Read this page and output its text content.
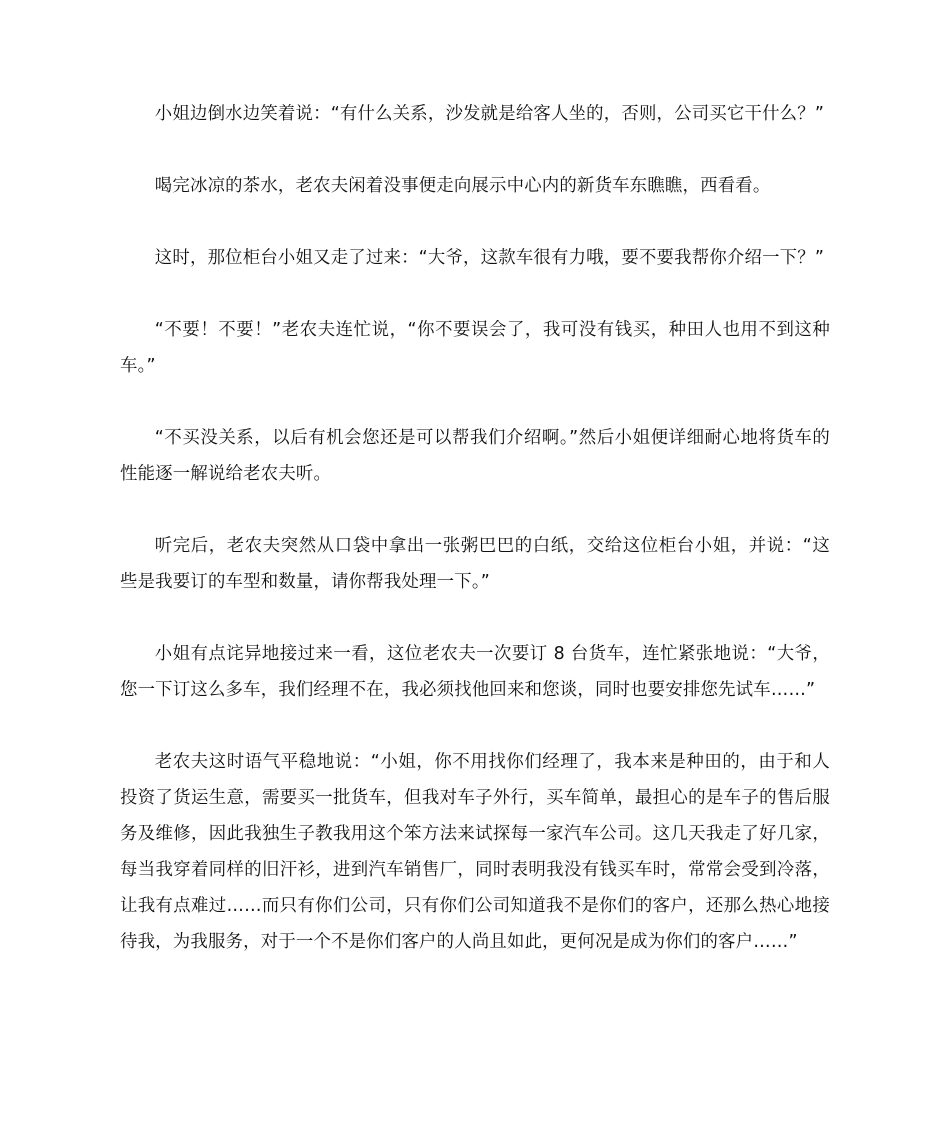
小姐边倒水边笑着说：“有什么关系，沙发就是给客人坐的，否则，公司买它干什么？”

喝完冰凉的茶水，老农夫闲着没事便走向展示中心内的新货车东瞧瞧，西看看。

这时，那位柜台小姐又走了过来：“大爷，这款车很有力哦，要不要我帮你介绍一下？”

“不要！不要！”老农夫连忙说，“你不要误会了，我可没有钱买，种田人也用不到这种车。”

“不买没关系，以后有机会您还是可以帮我们介绍啊。”然后小姐便详细耐心地将货车的性能逐一解说给老农夫听。

听完后，老农夫突然从口袋中拿出一张粥巴巴的白纸，交给这位柜台小姐，并说：“这些是我要订的车型和数量，请你帮我处理一下。”

小姐有点诧异地接过来一看，这位老农夫一次要订 8 台货车，连忙紧张地说：“大爷，您一下订这么多车，我们经理不在，我必须找他回来和您谈，同时也要安排您先试车……”

老农夫这时语气平稳地说：“小姐，你不用找你们经理了，我本来是种田的，由于和人投资了货运生意，需要买一批货车，但我对车子外行，买车简单，最担心的是车子的售后服务及维修，因此我独生子教我用这个笨方法来试探每一家汽车公司。这几天我走了好几家，每当我穿着同样的旧汗衫，进到汽车销售厂，同时表明我没有钱买车时，常常会受到冷落，让我有点难过……而只有你们公司，只有你们公司知道我不是你们的客户，还那么热心地接待我，为我服务，对于一个不是你们客户的人尚且如此，更何况是成为你们的客户……”
